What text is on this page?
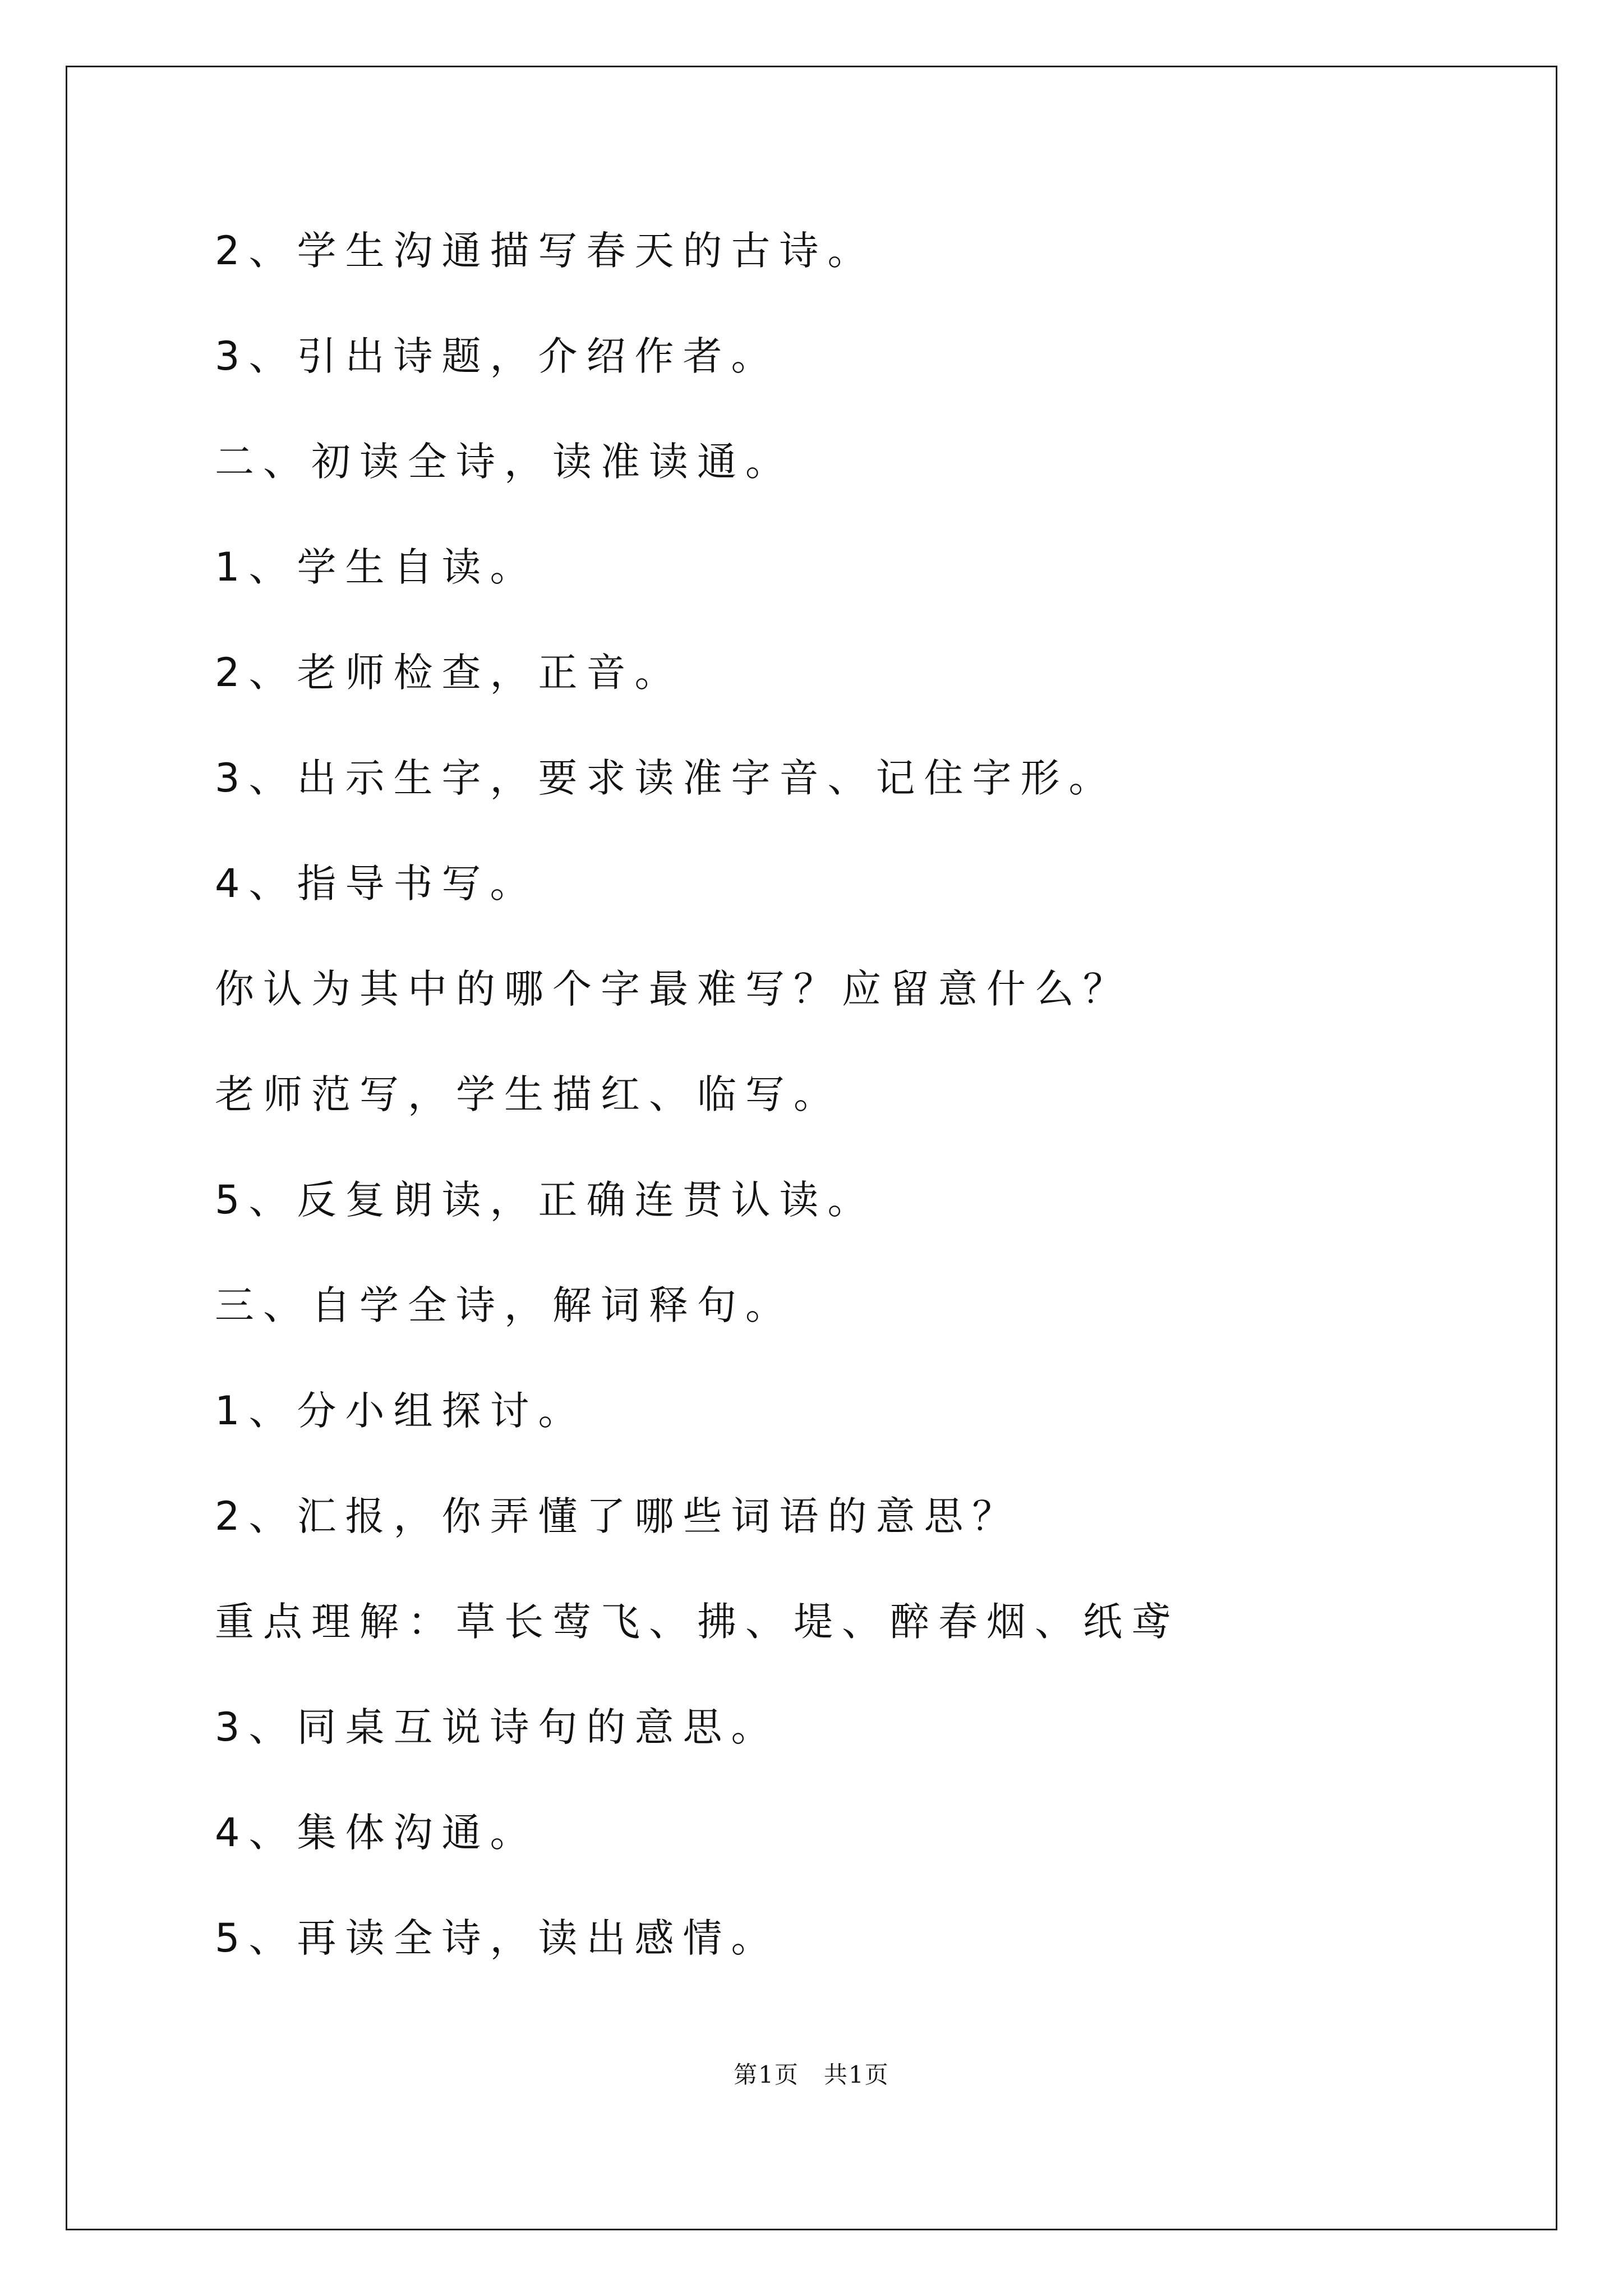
2、学生沟通描写春天的古诗。

3、引出诗题，介绍作者。

二、初读全诗，读准读通。

1、学生自读。

2、老师检查，正音。

3、出示生字，要求读准字音、记住字形。

4、指导书写。

你认为其中的哪个字最难写？应留意什么？

老师范写，学生描红、临写。

5、反复朗读，正确连贯认读。

三、自学全诗，解词释句。

1、分小组探讨。

2、汇报，你弄懂了哪些词语的意思？

重点理解：草长莺飞、拂、堤、醉春烟、纸鸢

3、同桌互说诗句的意思。

4、集体沟通。

5、再读全诗，读出感情。

第1页　共1页
